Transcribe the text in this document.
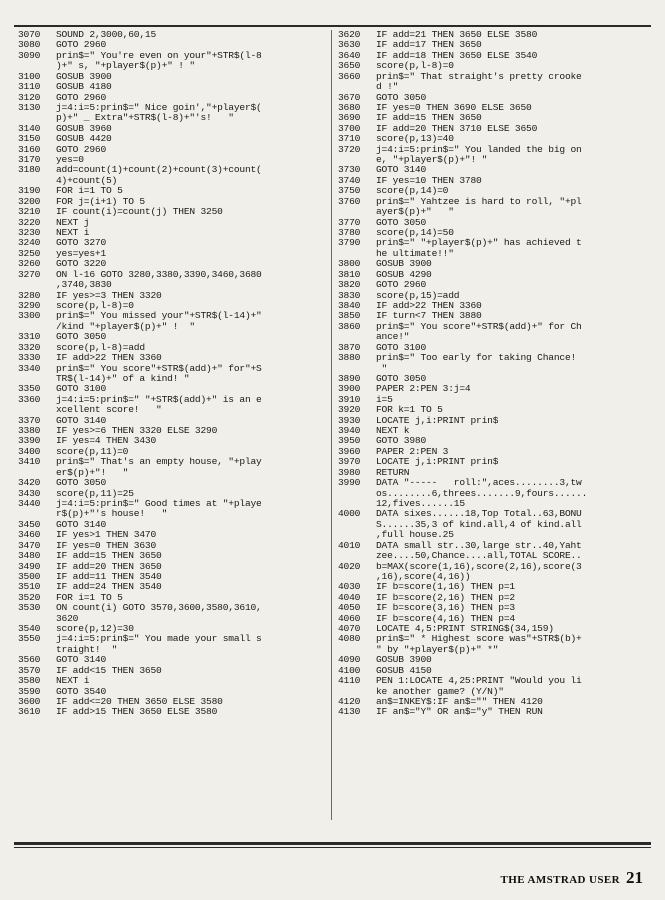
3070	SOUND 2,3000,60,15
3080	GOTO 2960
3090	prin$=" You're even on your"+STR$(l-8
)+" s, "+player$(p)+" ! "
3100	GOSUB 3900
3110	GOSUB 4180
3120	GOTO 2960
3130	j=4:i=5:prin$=" Nice goin',"+player$(
p)+" _ Extra"+STR$(l-8)+"'s!   "
3140	GOSUB 3960
3150	GOSUB 4420
3160	GOTO 2960
3170	yes=0
3180	add=count(1)+count(2)+count(3)+count(
4)+count(5)
3190	FOR i=1 TO 5
3200	FOR j=(i+1) TO 5
3210	IF count(i)=count(j) THEN 3250
3220	NEXT j
3230	NEXT i
3240	GOTO 3270
3250	yes=yes+1
3260	GOTO 3220
3270	ON l-16 GOTO 3280,3380,3390,3460,3680
,3740,3830
3280	IF yes>=3 THEN 3320
3290	score(p,l-8)=0
3300	prin$=" You missed your"+STR$(l-14)+"
/kind "+player$(p)+" !  "
3310	GOTO 3050
3320	score(p,l-8)=add
3330	IF add>22 THEN 3360
3340	prin$=" You score"+STR$(add)+" for"+S
TR$(l-14)+" of a kind! "
3350	GOTO 3100
3360	j=4:i=5:prin$=" "+STR$(add)+" is an e
xcellent score!   "
3370	GOTO 3140
3380	IF yes>=6 THEN 3320 ELSE 3290
3390	IF yes=4 THEN 3430
3400	score(p,11)=0
3410	prin$=" That's an empty house, "+play
er$(p)+"!   "
3420	GOTO 3050
3430	score(p,11)=25
3440	j=4:i=5:prin$=" Good times at "+playe
r$(p)+"'s house!   "
3450	GOTO 3140
3460	IF yes>1 THEN 3470
3470	IF yes=0 THEN 3630
3480	IF add=15 THEN 3650
3490	IF add=20 THEN 3650
3500	IF add=11 THEN 3540
3510	IF add=24 THEN 3540
3520	FOR i=1 TO 5
3530	ON count(i) GOTO 3570,3600,3580,3610,
3620
3540	score(p,12)=30
3550	j=4:i=5:prin$=" You made your small s
traight!  "
3560	GOTO 3140
3570	IF add<15 THEN 3650
3580	NEXT i
3590	GOTO 3540
3600	IF add<=20 THEN 3650 ELSE 3580
3610	IF add>15 THEN 3650 ELSE 3580
3620	IF add=21 THEN 3650 ELSE 3580
3630	IF add=17 THEN 3650
3640	IF add=18 THEN 3650 ELSE 3540
3650	score(p,l-8)=0
3660	prin$=" That straight's pretty crooke
d !"
3670	GOTO 3050
3680	IF yes=0 THEN 3690 ELSE 3650
3690	IF add=15 THEN 3650
3700	IF add=20 THEN 3710 ELSE 3650
3710	score(p,13)=40
3720	j=4:i=5:prin$=" You landed the big on
e, "+player$(p)+"! "
3730	GOTO 3140
3740	IF yes=10 THEN 3780
3750	score(p,14)=0
3760	prin$=" Yahtzee is hard to roll, "+pl
ayer$(p)+"   "
3770	GOTO 3050
3780	score(p,14)=50
3790	prin$=" "+player$(p)+" has achieved t
he ultimate!!"
3800	GOSUB 3900
3810	GOSUB 4290
3820	GOTO 2960
3830	score(p,15)=add
3840	IF add>22 THEN 3360
3850	IF turn<7 THEN 3880
3860	prin$=" You score"+STR$(add)+" for Ch
ance!"
3870	GOTO 3100
3880	prin$=" Too early for taking Chance!
"
3890	GOTO 3050
3900	PAPER 2:PEN 3:j=4
3910	i=5
3920	FOR k=1 TO 5
3930	LOCATE j,i:PRINT prin$
3940	NEXT k
3950	GOTO 3980
3960	PAPER 2:PEN 3
3970	LOCATE j,i:PRINT prin$
3980	RETURN
3990	DATA "-----   roll:",aces........3,tw
os........6,threes.......9,fours......
12,fives......15
4000	DATA sixes......18,Top Total..63,BONU
S......35,3 of kind.all,4 of kind.all
,full house.25
4010	DATA small str..30,large str..40,Yaht
zee....50,Chance....all,TOTAL SCORE..
4020	b=MAX(score(1,16),score(2,16),score(3
,16),score(4,16))
4030	IF b=score(1,16) THEN p=1
4040	IF b=score(2,16) THEN p=2
4050	IF b=score(3,16) THEN p=3
4060	IF b=score(4,16) THEN p=4
4070	LOCATE 4,5:PRINT STRING$(34,159)
4080	prin$=" * Highest score was"+STR$(b)+
" by "+player$(p)+" *"
4090	GOSUB 3900
4100	GOSUB 4150
4110	PEN 1:LOCATE 4,25:PRINT "Would you li
ke another game? (Y/N)"
4120	an$=INKEY$:IF an$="" THEN 4120
4130	IF an$="Y" OR an$="y" THEN RUN
THE AMSTRAD USER 21
